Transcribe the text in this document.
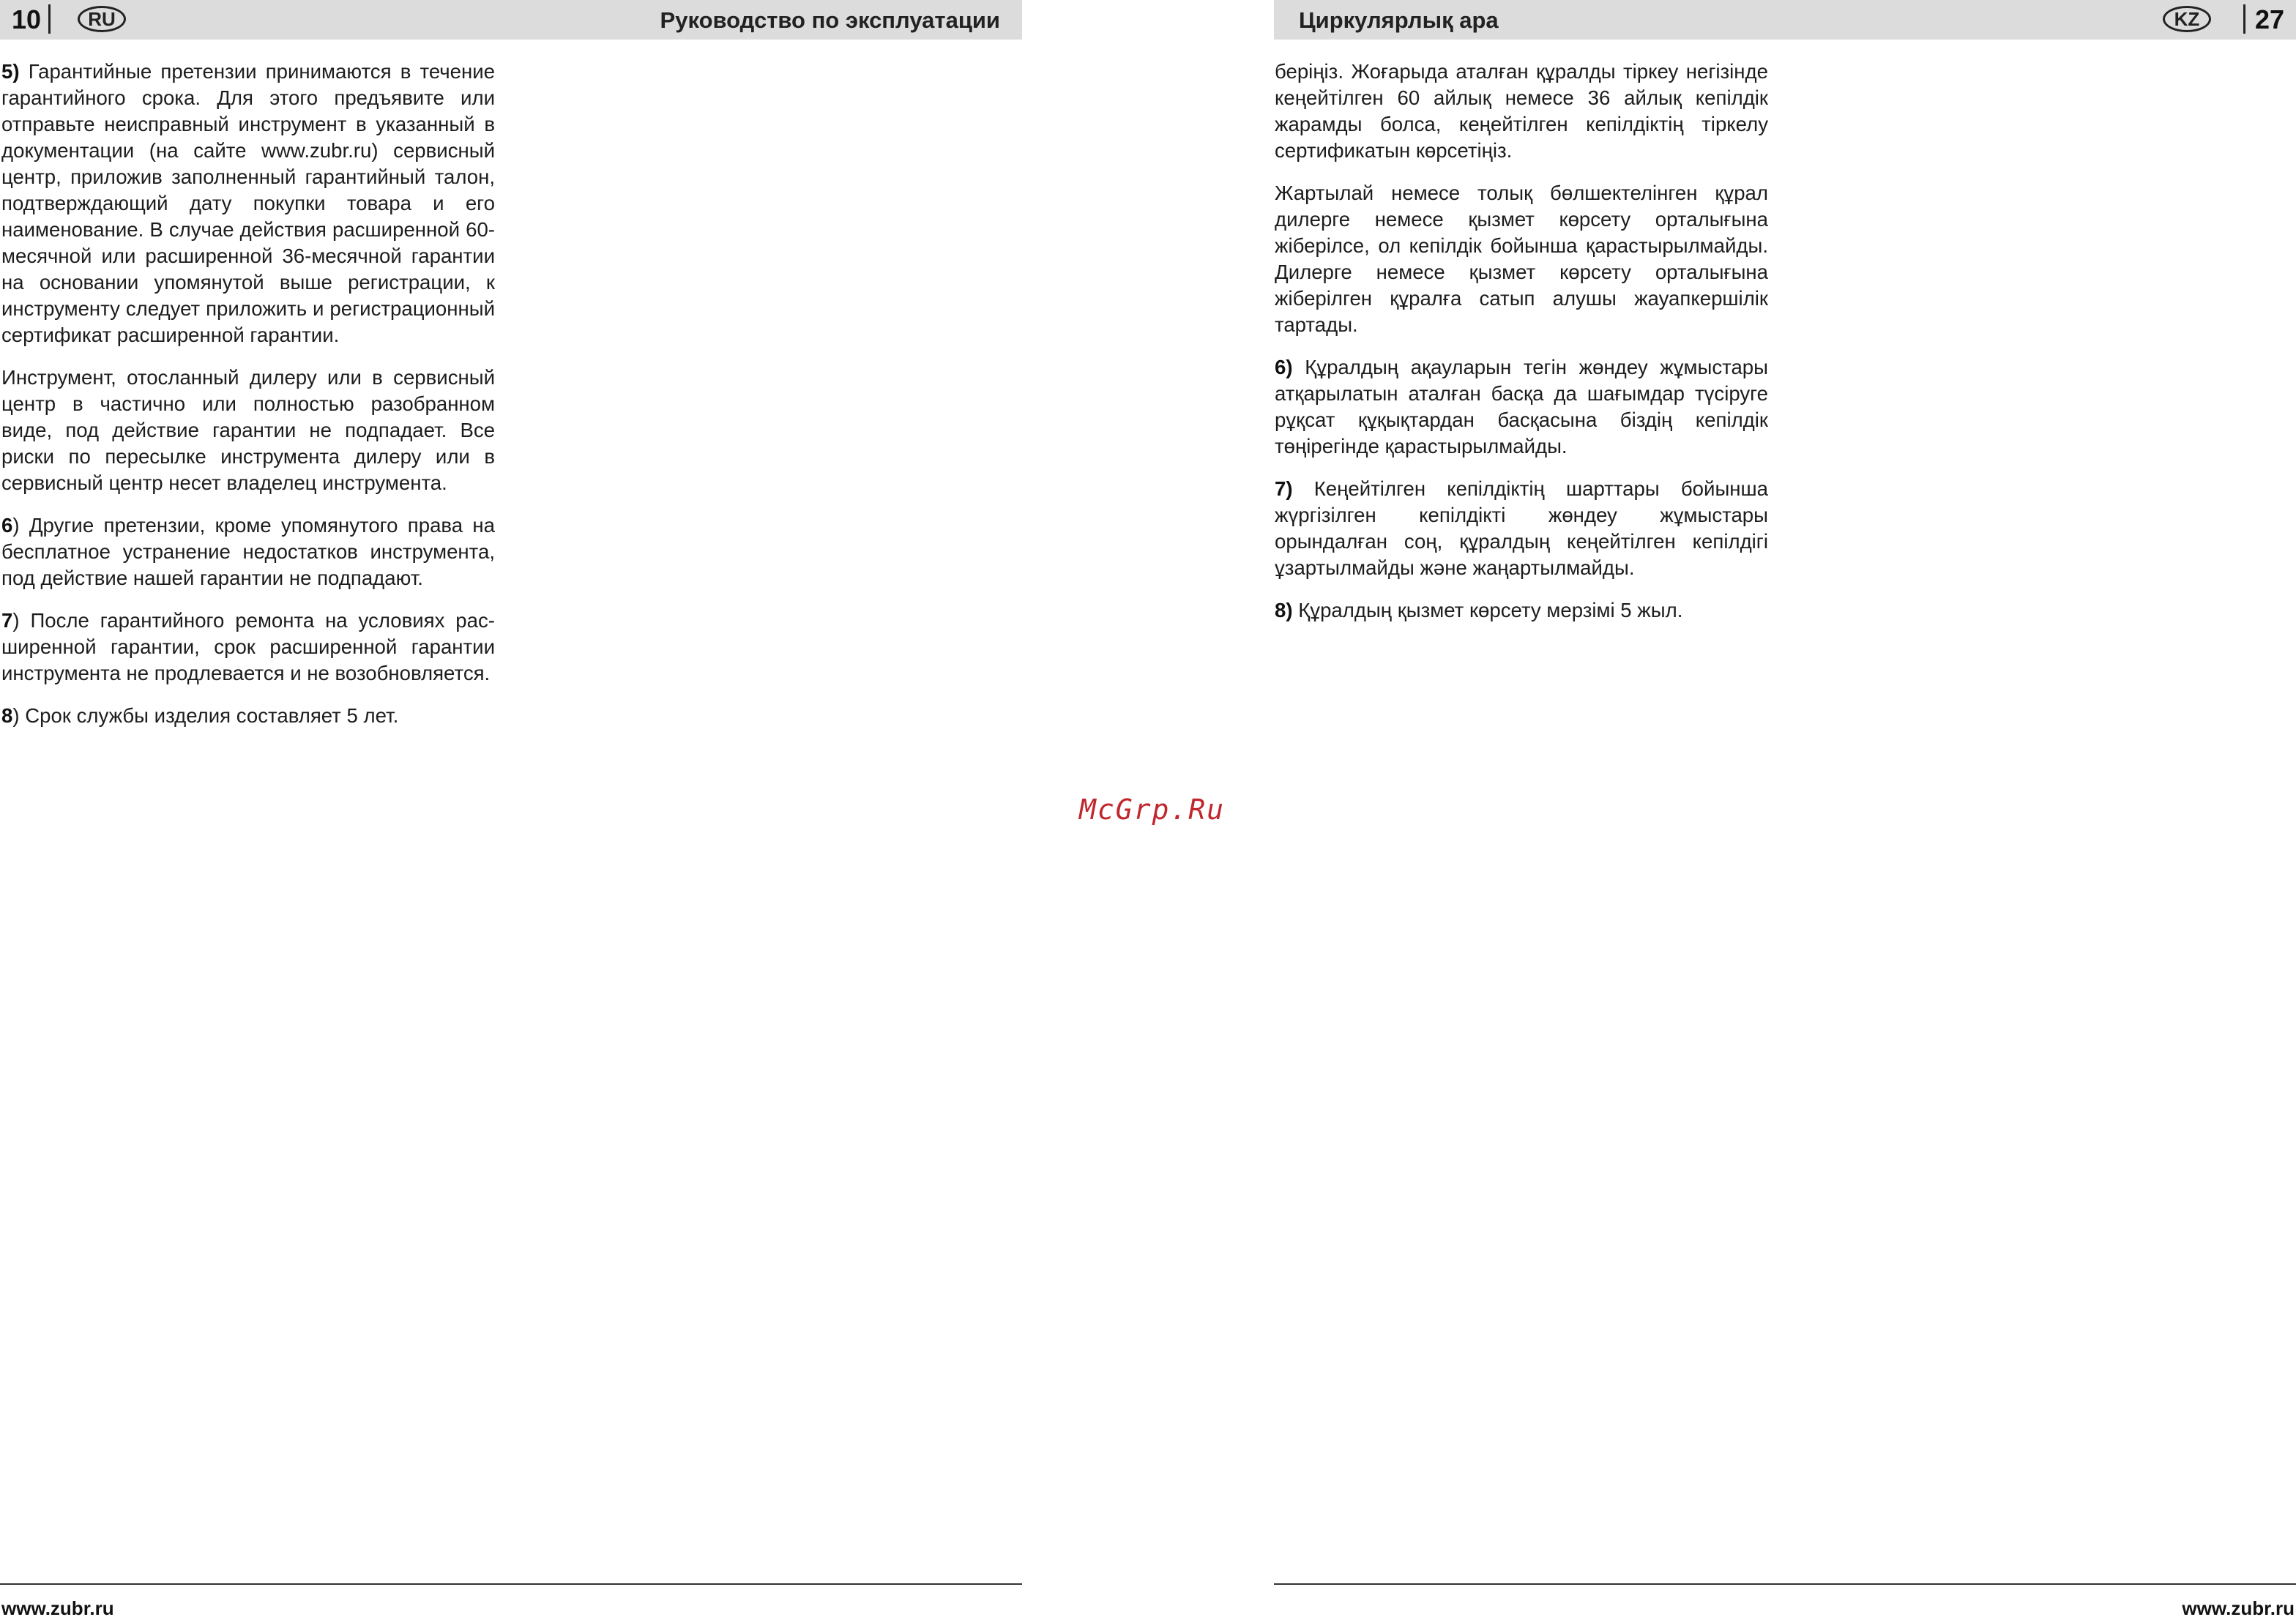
10	RU	Руководство по эксплуатации

5) Гарантийные претензии принимаются в течение гарантийного срока. Для этого предъявите или отправьте неисправный инструмент в указанный в документации (на сайте www.zubr.ru) сервисный центр, приложив заполненный гарантийный талон, подтверждающий дату покупки товара и его наименование. В случае действия расширенной 60-месячной или расширенной 36-месячной гарантии на основании упомянутой выше регистрации, к инструменту следует приложить и регистрационный сертификат расширенной гарантии.

Инструмент, отосланный дилеру или в сервисный центр в частично или полностью разобранном виде, под действие гарантии не подпадает. Все риски по пересылке инструмента дилеру или в сервисный центр несет владелец инструмента.

6) Другие претензии, кроме упомянутого права на бесплатное устранение недостатков инструмента, под действие нашей гарантии не подпадают.

7) После гарантийного ремонта на условиях расширенной гарантии, срок расширенной гарантии инструмента не продлевается и не возобновляется.

8) Срок службы изделия составляет 5 лет.

www.zubr.ru
Циркулярлық ара	KZ	27

беріңіз. Жоғарыда аталған құралды тіркеу негізінде кеңейтілген 60 айлық немесе 36 айлық кепілдік жарамды болса, кеңейтілген кепілдіктің тіркелу сертификатын көрсетіңіз.

Жартылай немесе толық бөлшектелінген құрал дилерге немесе қызмет көрсету орталығына жіберілсе, ол кепілдік бойынша қарастырылмайды. Дилерге немесе қызмет көрсету орталығына жіберілген құралға сатып алушы жауапкершілік тартады.

6) Құралдың ақауларын тегін жөндеу жұмыстары атқарылатын аталған басқа да шағымдар түсіруге рұқсат құқықтардан басқасына біздің кепілдік төңірегінде қарастырылмайды.

7) Кеңейтілген кепілдіктің шарттары бойынша жүргізілген кепілдікті жөндеу жұмыстары орындалған соң, құралдың кеңейтілген кепілдігі ұзартылмайды және жаңартылмайды.

8) Құралдың қызмет көрсету мерзімі 5 жыл.

www.zubr.ru
McGrp.Ru
